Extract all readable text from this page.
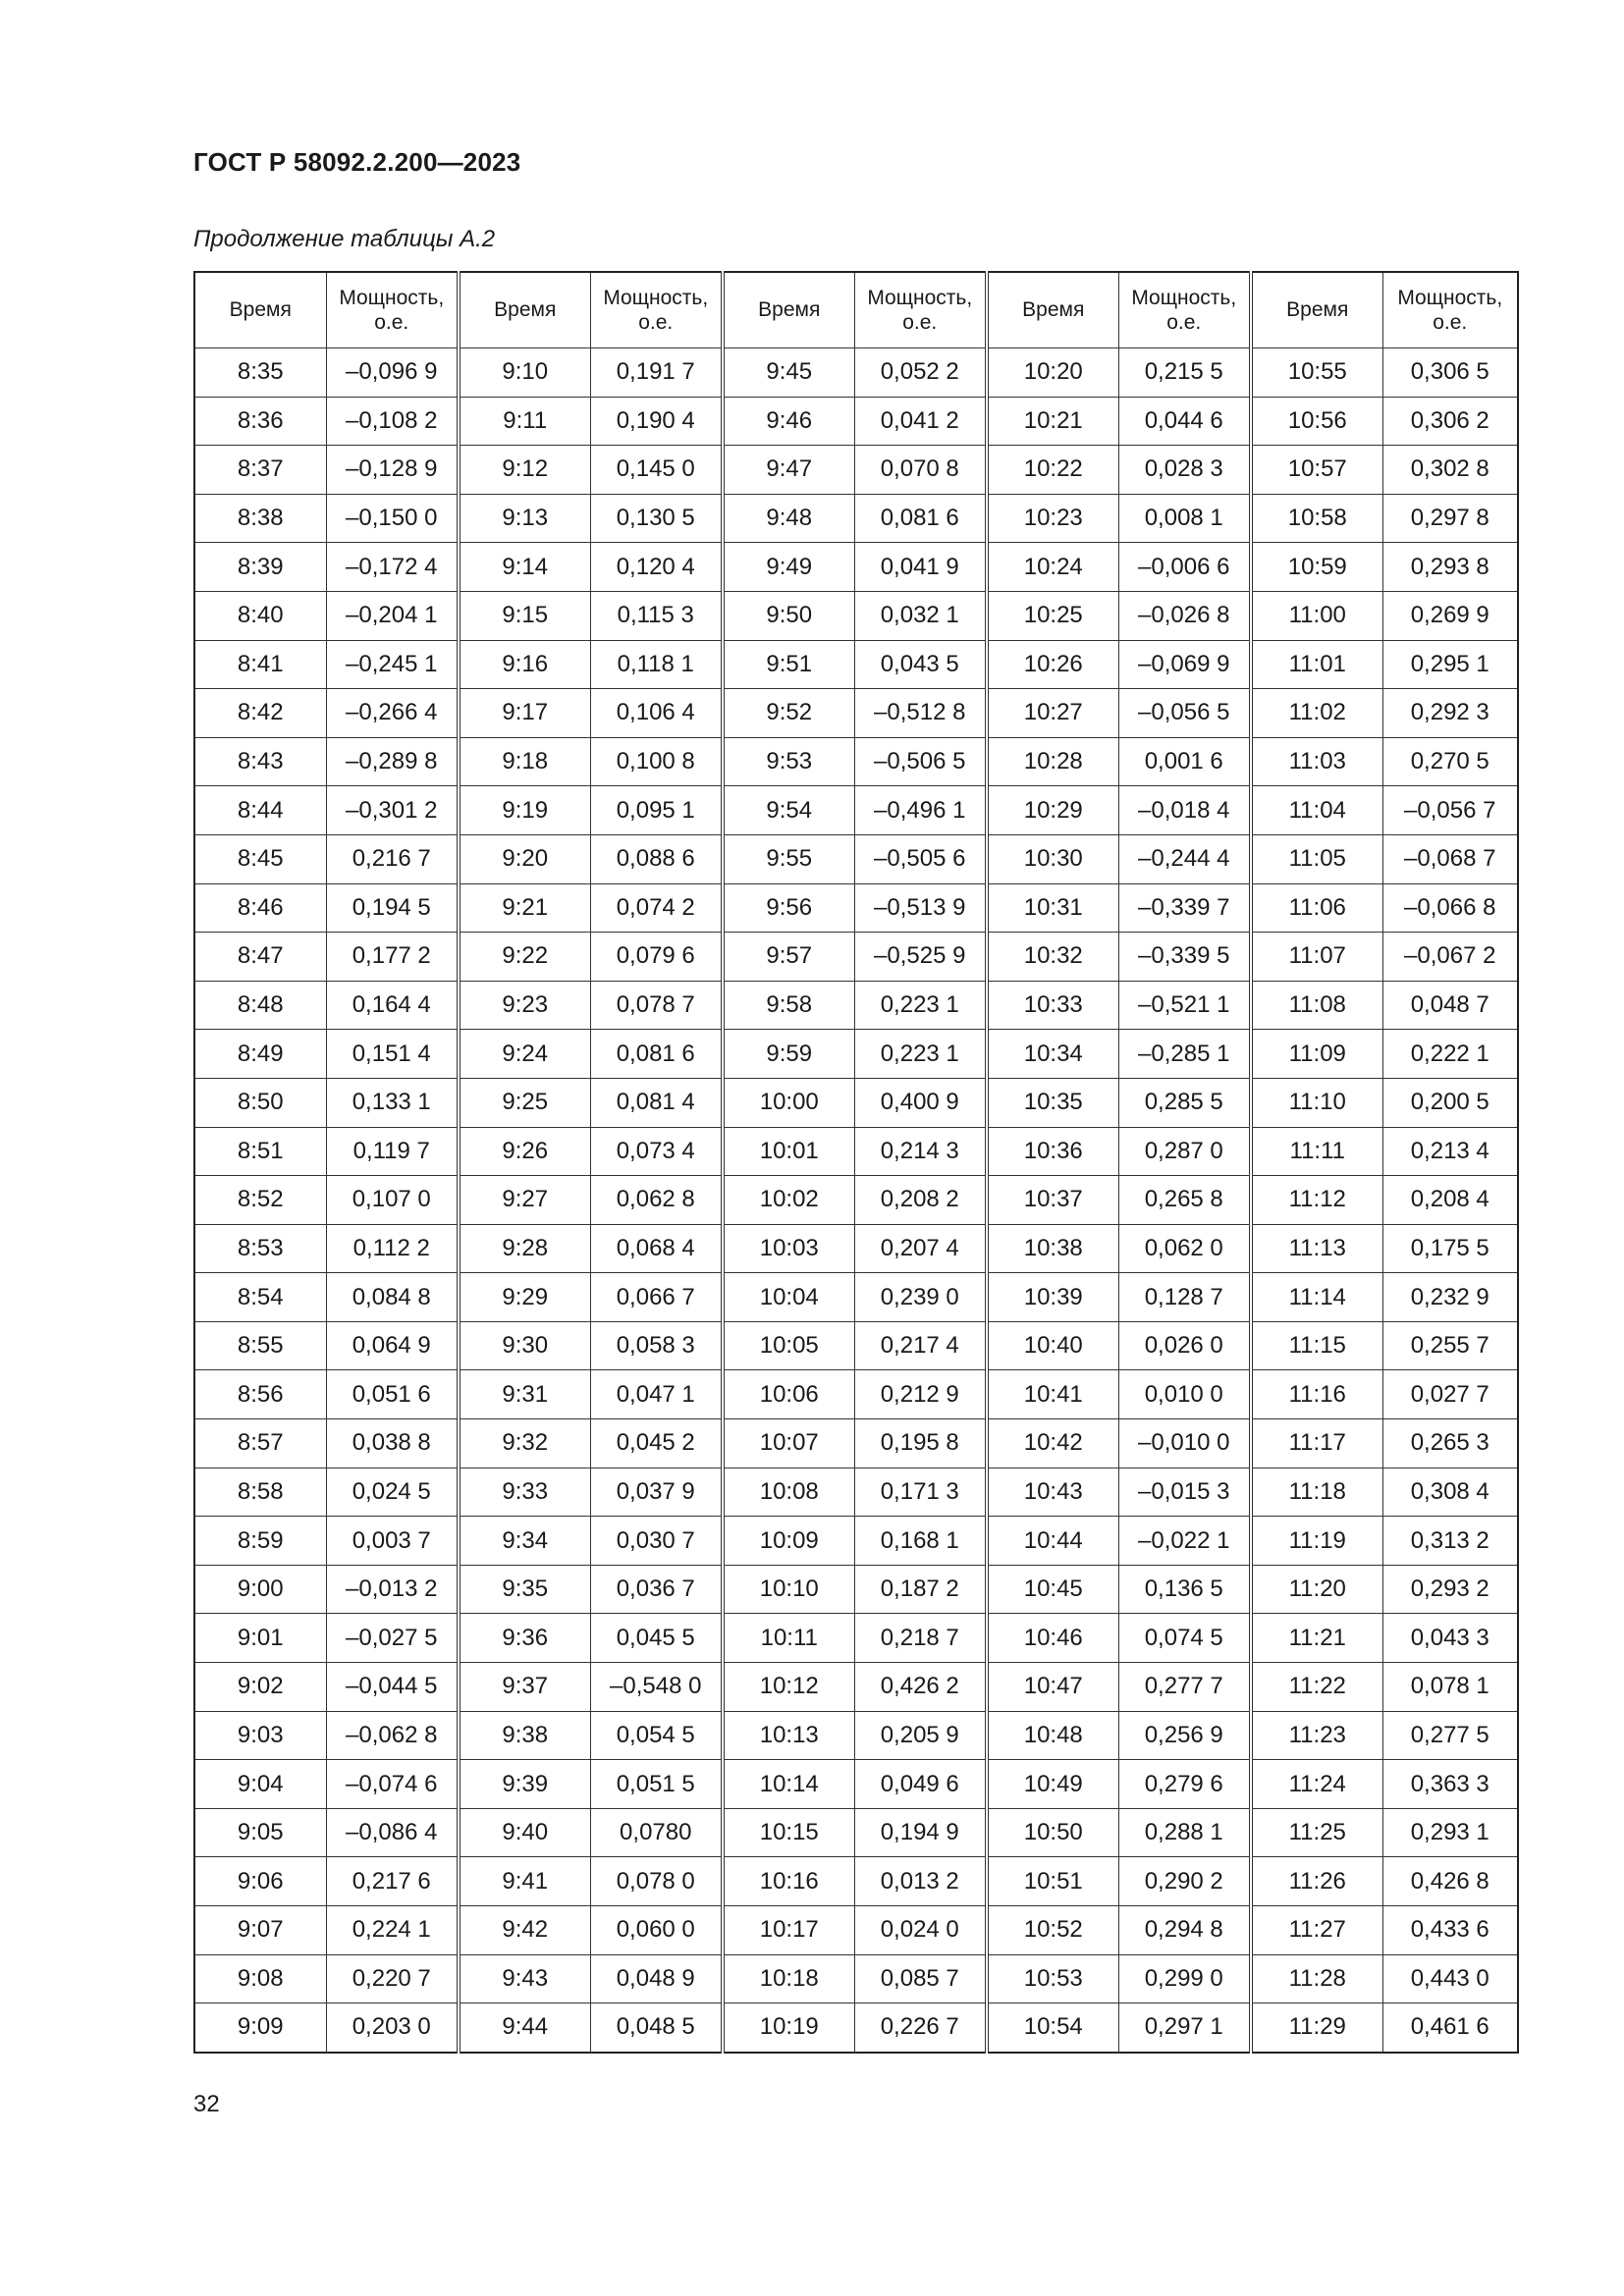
ГОСТ Р 58092.2.200—2023
Продолжение таблицы А.2
Время	Мощность, о.е.	Время	Мощность, о.е.	Время	Мощность, о.е.	Время	Мощность, о.е.	Время	Мощность, о.е.
8:35	–0,096 9	9:10	0,191 7	9:45	0,052 2	10:20	0,215 5	10:55	0,306 5
8:36	–0,108 2	9:11	0,190 4	9:46	0,041 2	10:21	0,044 6	10:56	0,306 2
8:37	–0,128 9	9:12	0,145 0	9:47	0,070 8	10:22	0,028 3	10:57	0,302 8
8:38	–0,150 0	9:13	0,130 5	9:48	0,081 6	10:23	0,008 1	10:58	0,297 8
8:39	–0,172 4	9:14	0,120 4	9:49	0,041 9	10:24	–0,006 6	10:59	0,293 8
8:40	–0,204 1	9:15	0,115 3	9:50	0,032 1	10:25	–0,026 8	11:00	0,269 9
8:41	–0,245 1	9:16	0,118 1	9:51	0,043 5	10:26	–0,069 9	11:01	0,295 1
8:42	–0,266 4	9:17	0,106 4	9:52	–0,512 8	10:27	–0,056 5	11:02	0,292 3
8:43	–0,289 8	9:18	0,100 8	9:53	–0,506 5	10:28	0,001 6	11:03	0,270 5
8:44	–0,301 2	9:19	0,095 1	9:54	–0,496 1	10:29	–0,018 4	11:04	–0,056 7
8:45	0,216 7	9:20	0,088 6	9:55	–0,505 6	10:30	–0,244 4	11:05	–0,068 7
8:46	0,194 5	9:21	0,074 2	9:56	–0,513 9	10:31	–0,339 7	11:06	–0,066 8
8:47	0,177 2	9:22	0,079 6	9:57	–0,525 9	10:32	–0,339 5	11:07	–0,067 2
8:48	0,164 4	9:23	0,078 7	9:58	0,223 1	10:33	–0,521 1	11:08	0,048 7
8:49	0,151 4	9:24	0,081 6	9:59	0,223 1	10:34	–0,285 1	11:09	0,222 1
8:50	0,133 1	9:25	0,081 4	10:00	0,400 9	10:35	0,285 5	11:10	0,200 5
8:51	0,119 7	9:26	0,073 4	10:01	0,214 3	10:36	0,287 0	11:11	0,213 4
8:52	0,107 0	9:27	0,062 8	10:02	0,208 2	10:37	0,265 8	11:12	0,208 4
8:53	0,112 2	9:28	0,068 4	10:03	0,207 4	10:38	0,062 0	11:13	0,175 5
8:54	0,084 8	9:29	0,066 7	10:04	0,239 0	10:39	0,128 7	11:14	0,232 9
8:55	0,064 9	9:30	0,058 3	10:05	0,217 4	10:40	0,026 0	11:15	0,255 7
8:56	0,051 6	9:31	0,047 1	10:06	0,212 9	10:41	0,010 0	11:16	0,027 7
8:57	0,038 8	9:32	0,045 2	10:07	0,195 8	10:42	–0,010 0	11:17	0,265 3
8:58	0,024 5	9:33	0,037 9	10:08	0,171 3	10:43	–0,015 3	11:18	0,308 4
8:59	0,003 7	9:34	0,030 7	10:09	0,168 1	10:44	–0,022 1	11:19	0,313 2
9:00	–0,013 2	9:35	0,036 7	10:10	0,187 2	10:45	0,136 5	11:20	0,293 2
9:01	–0,027 5	9:36	0,045 5	10:11	0,218 7	10:46	0,074 5	11:21	0,043 3
9:02	–0,044 5	9:37	–0,548 0	10:12	0,426 2	10:47	0,277 7	11:22	0,078 1
9:03	–0,062 8	9:38	0,054 5	10:13	0,205 9	10:48	0,256 9	11:23	0,277 5
9:04	–0,074 6	9:39	0,051 5	10:14	0,049 6	10:49	0,279 6	11:24	0,363 3
9:05	–0,086 4	9:40	0,0780	10:15	0,194 9	10:50	0,288 1	11:25	0,293 1
9:06	0,217 6	9:41	0,078 0	10:16	0,013 2	10:51	0,290 2	11:26	0,426 8
9:07	0,224 1	9:42	0,060 0	10:17	0,024 0	10:52	0,294 8	11:27	0,433 6
9:08	0,220 7	9:43	0,048 9	10:18	0,085 7	10:53	0,299 0	11:28	0,443 0
9:09	0,203 0	9:44	0,048 5	10:19	0,226 7	10:54	0,297 1	11:29	0,461 6
32
